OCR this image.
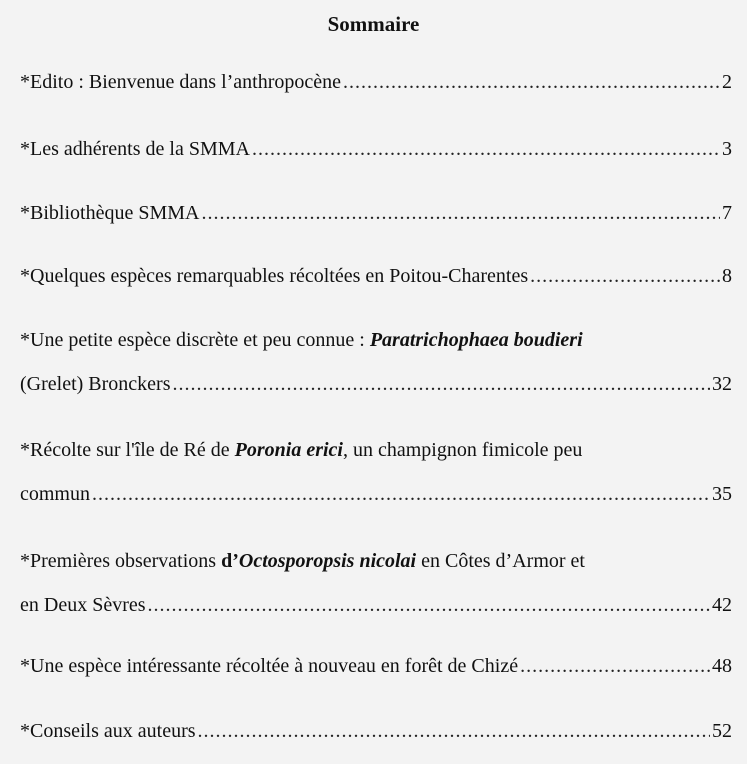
Sommaire
*Edito : Bienvenue dans l’anthropocène .....	2
*Les adhérents de la SMMA .....	3
*Bibliothèque SMMA .....	7
*Quelques espèces remarquables récoltées en Poitou-Charentes .....	8
*Une petite espèce discrète et peu connue : Paratrichophaea boudieri
(Grelet) Bronckers .....	32
*Récolte sur l'île de Ré de Poronia erici, un champignon fimicole peu
commun .....	35
*Premières observations d’Octosporopsis nicolai en Côtes d’Armor et
en Deux Sèvres .....	42
*Une espèce intéressante récoltée à nouveau en forêt de Chizé .....	48
*Conseils aux auteurs .....	52
